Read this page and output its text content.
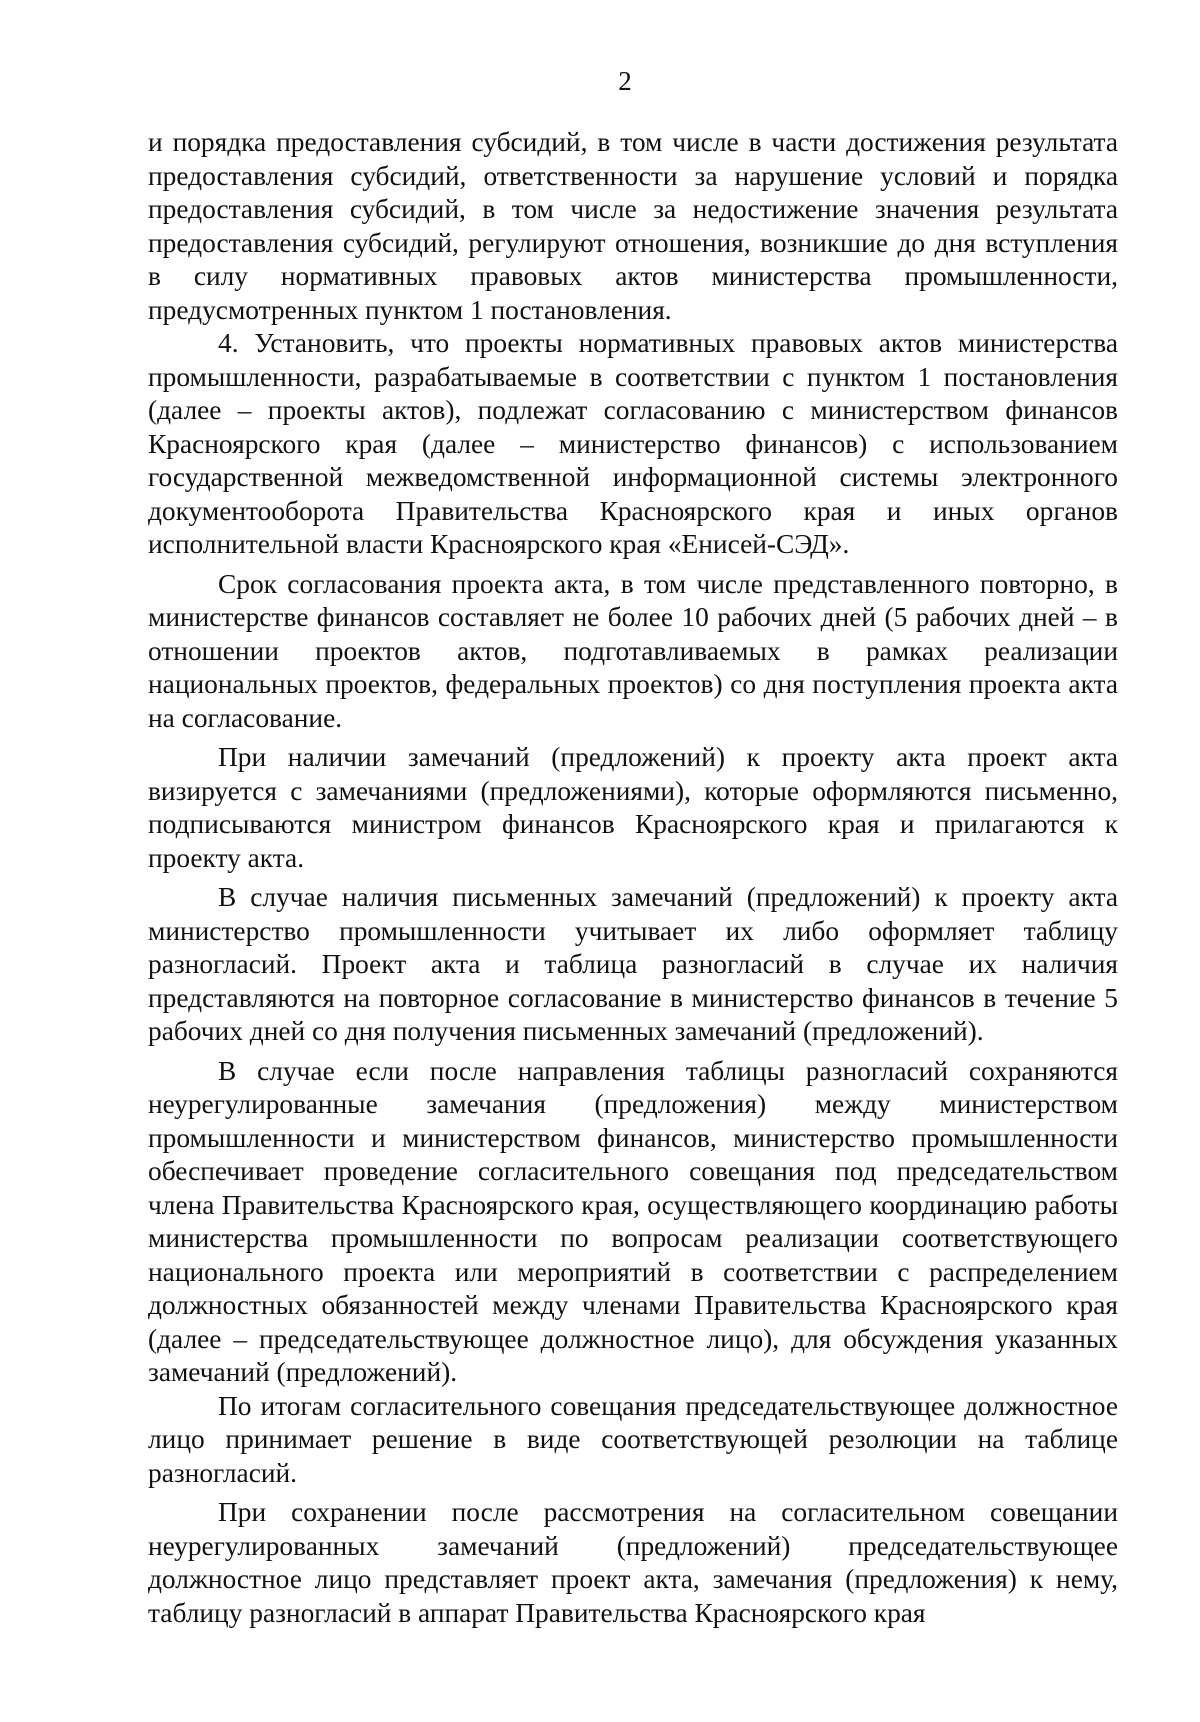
2

и порядка предоставления субсидий, в том числе в части достижения результата предоставления субсидий, ответственности за нарушение условий и порядка предоставления субсидий, в том числе за недостижение значения результата предоставления субсидий, регулируют отношения, возникшие до дня вступления в силу нормативных правовых актов министерства промышленности, предусмотренных пунктом 1 постановления.

4. Установить, что проекты нормативных правовых актов министерства промышленности, разрабатываемые в соответствии с пунктом 1 постановления (далее – проекты актов), подлежат согласованию с министерством финансов Красноярского края (далее – министерство финансов) с использованием государственной межведомственной информационной системы электронного документооборота Правительства Красноярского края и иных органов исполнительной власти Красноярского края «Енисей-СЭД».

Срок согласования проекта акта, в том числе представленного повторно, в министерстве финансов составляет не более 10 рабочих дней (5 рабочих дней – в отношении проектов актов, подготавливаемых в рамках реализации национальных проектов, федеральных проектов) со дня поступления проекта акта на согласование.

При наличии замечаний (предложений) к проекту акта проект акта визируется с замечаниями (предложениями), которые оформляются письменно, подписываются министром финансов Красноярского края и прилагаются к проекту акта.

В случае наличия письменных замечаний (предложений) к проекту акта министерство промышленности учитывает их либо оформляет таблицу разногласий. Проект акта и таблица разногласий в случае их наличия представляются на повторное согласование в министерство финансов в течение 5 рабочих дней со дня получения письменных замечаний (предложений).

В случае если после направления таблицы разногласий сохраняются неурегулированные замечания (предложения) между министерством промышленности и министерством финансов, министерство промышленности обеспечивает проведение согласительного совещания под председательством члена Правительства Красноярского края, осуществляющего координацию работы министерства промышленности по вопросам реализации соответствующего национального проекта или мероприятий в соответствии с распределением должностных обязанностей между членами Правительства Красноярского края (далее – председательствующее должностное лицо), для обсуждения указанных замечаний (предложений).

По итогам согласительного совещания председательствующее должностное лицо принимает решение в виде соответствующей резолюции на таблице разногласий.

При сохранении после рассмотрения на согласительном совещании неурегулированных замечаний (предложений) председательствующее должностное лицо представляет проект акта, замечания (предложения) к нему, таблицу разногласий в аппарат Правительства Красноярского края
